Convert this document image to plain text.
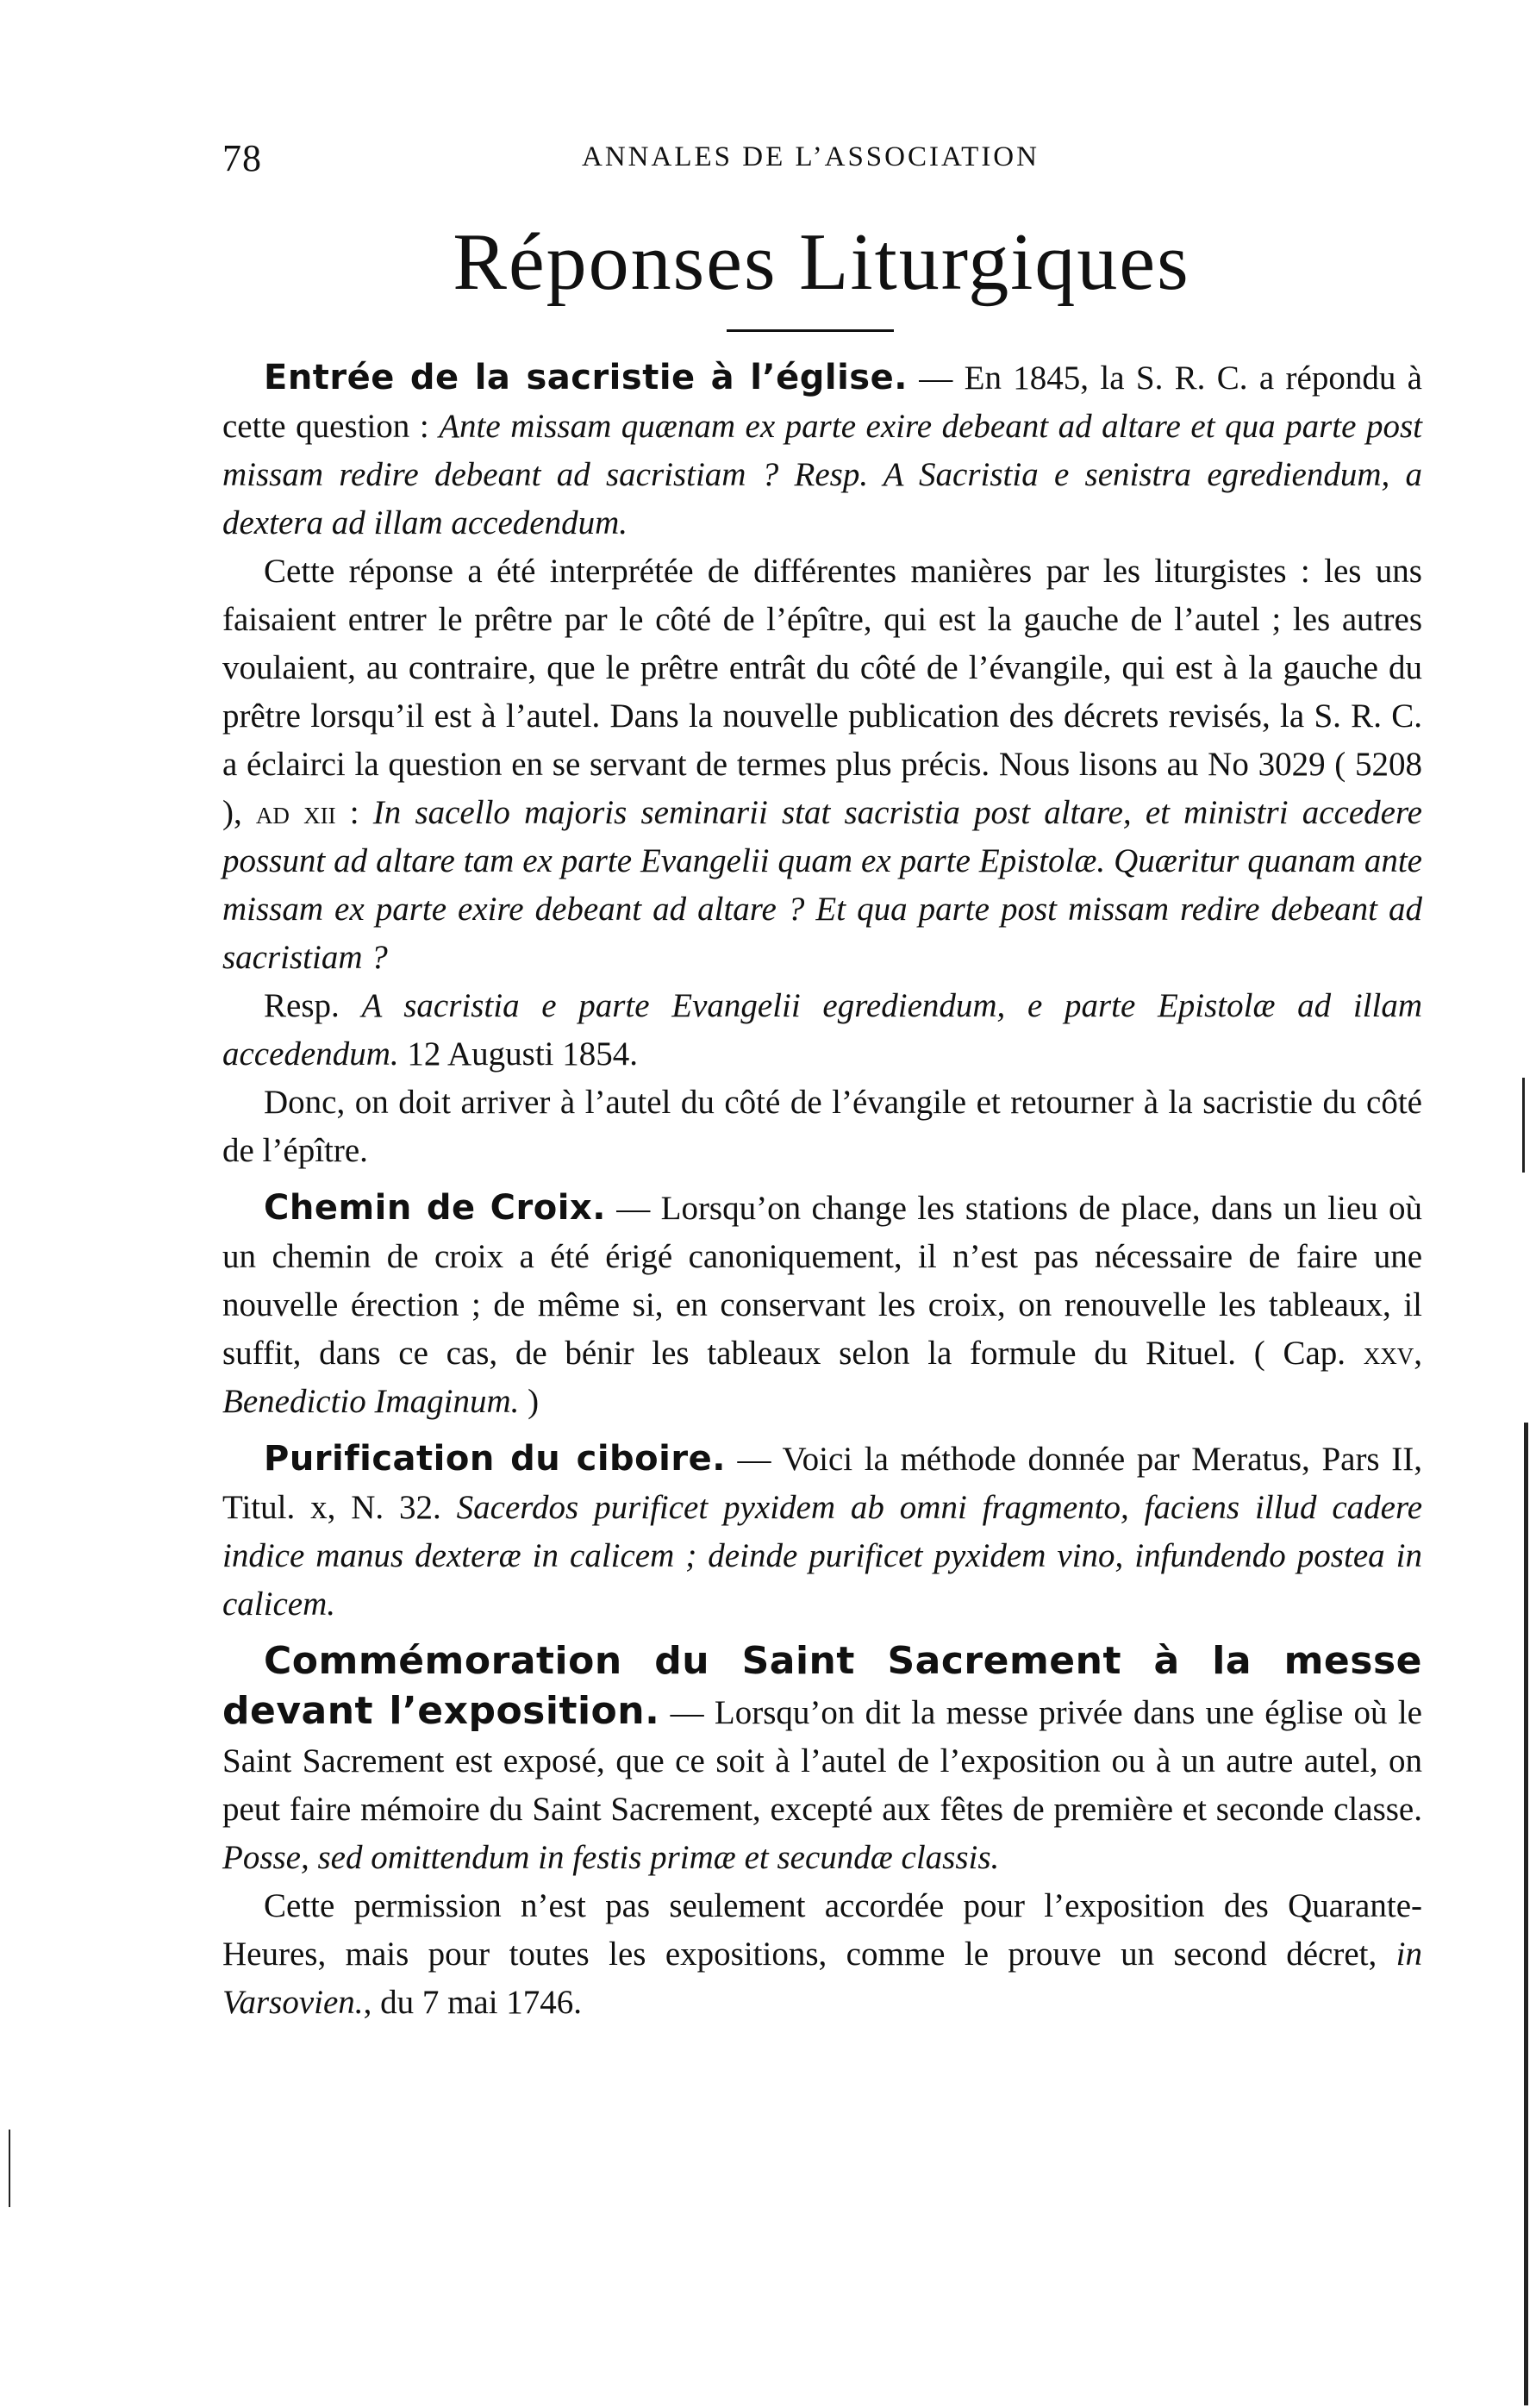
78	ANNALES DE L’ASSOCIATION
Réponses Liturgiques

Entrée de la sacristie à l’église. — En 1845, la S. R. C. a répondu à cette question : Ante missam quænam ex parte exire debeant ad altare et qua parte post missam redire debeant ad sacristiam ? Resp. A Sacristia e senistra egrediendum, a dextera ad illam accedendum.

Cette réponse a été interprétée de différentes manières par les liturgistes : les uns faisaient entrer le prêtre par le côté de l’épître, qui est la gauche de l’autel ; les autres voulaient, au contraire, que le prêtre entrât du côté de l’évangile, qui est à la gauche du prêtre lorsqu’il est à l’autel. Dans la nouvelle publication des décrets revisés, la S. R. C. a éclairci la question en se servant de termes plus précis. Nous lisons au No 3029 ( 5208 ), ad xii : In sacello majoris seminarii stat sacristia post altare, et ministri accedere possunt ad altare tam ex parte Evangelii quam ex parte Epistolæ. Quæritur quanam ante missam ex parte exire debeant ad altare ? Et qua parte post missam redire debeant ad sacristiam ?

Resp. A sacristia e parte Evangelii egrediendum, e parte Epistolæ ad illam accedendum. 12 Augusti 1854.

Donc, on doit arriver à l’autel du côté de l’évangile et retourner à la sacristie du côté de l’épître.

Chemin de Croix. — Lorsqu’on change les stations de place, dans un lieu où un chemin de croix a été érigé canoniquement, il n’est pas nécessaire de faire une nouvelle érection ; de même si, en conservant les croix, on renouvelle les tableaux, il suffit, dans ce cas, de bénir les tableaux selon la formule du Rituel. ( Cap. xxv, Benedictio Imaginum. )

Purification du ciboire. — Voici la méthode donnée par Meratus, Pars II, Titul. x, N. 32. Sacerdos purificet pyxidem ab omni fragmento, faciens illud cadere indice manus dexteræ in calicem ; deinde purificet pyxidem vino, infundendo postea in calicem.

Commémoration du Saint Sacrement à la messe devant l’exposition. — Lorsqu’on dit la messe privée dans une église où le Saint Sacrement est exposé, que ce soit à l’autel de l’exposition ou à un autre autel, on peut faire mémoire du Saint Sacrement, excepté aux fêtes de première et seconde classe. Posse, sed omittendum in festis primæ et secundæ classis.

Cette permission n’est pas seulement accordée pour l’exposition des Quarante-Heures, mais pour toutes les expositions, comme le prouve un second décret, in Varsovien., du 7 mai 1746.
